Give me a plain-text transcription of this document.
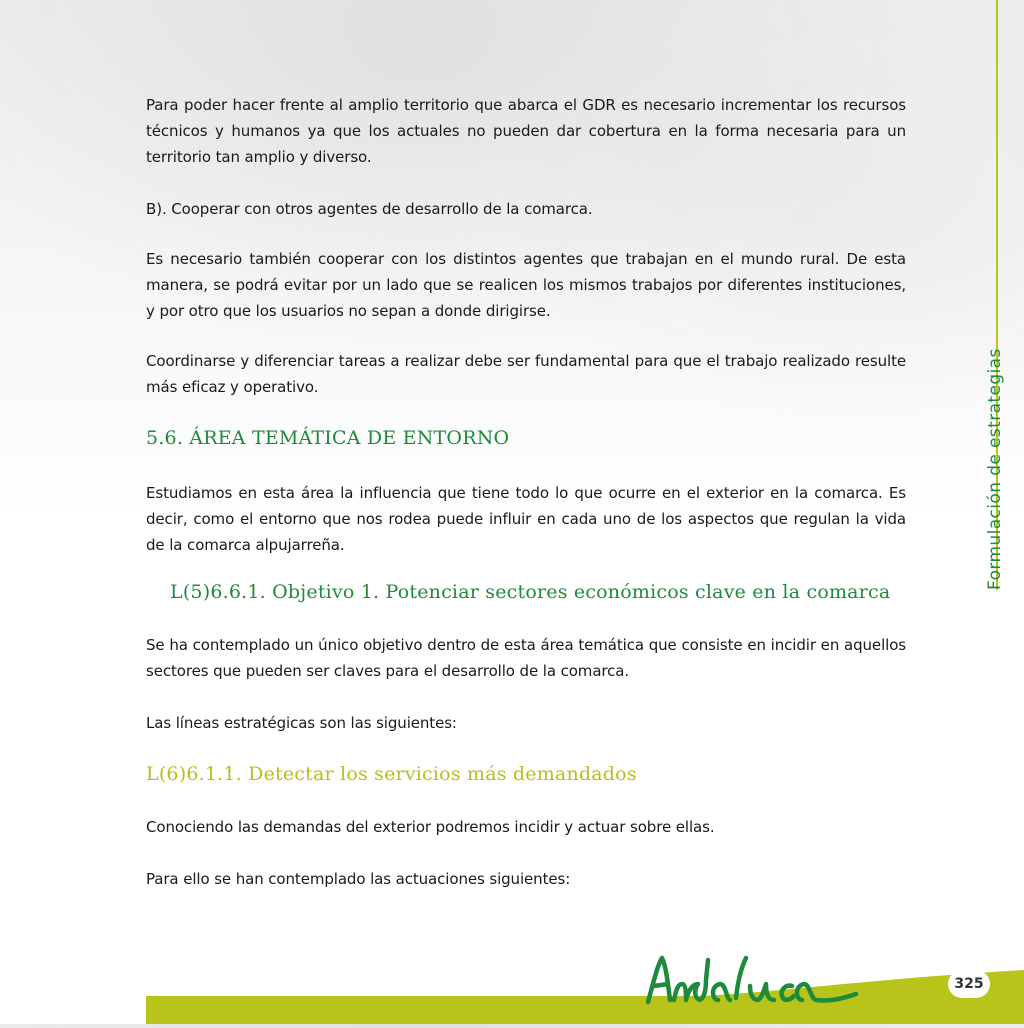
Para poder hacer frente al amplio territorio que abarca el GDR es necesario incrementar los recursos técnicos y humanos ya que los actuales no pueden dar cobertura en la forma necesaria para un territorio tan amplio y diverso.

B). Cooperar con otros agentes de desarrollo de la comarca.

Es necesario también cooperar con los distintos agentes que trabajan en el mundo rural. De esta manera, se podrá evitar por un lado que se realicen los mismos trabajos por diferentes instituciones, y por otro que los usuarios no sepan a donde dirigirse.

Coordinarse y diferenciar tareas a realizar debe ser fundamental para que el trabajo realizado resulte más eficaz y operativo.

5.6. ÁREA TEMÁTICA DE ENTORNO

Estudiamos en esta área la influencia que tiene todo lo que ocurre en el exterior en la comarca. Es decir, como el entorno que nos rodea puede influir en cada uno de los aspectos que regulan la vida de la comarca alpujarreña.

L(5)6.6.1. Objetivo 1. Potenciar sectores económicos clave en la comarca

Se ha contemplado un único objetivo dentro de esta área temática que consiste en incidir en aquellos sectores que pueden ser claves para el desarrollo de la comarca.

Las líneas estratégicas son las siguientes:

L(6)6.1.1. Detectar los servicios más demandados

Conociendo las demandas del exterior podremos incidir y actuar sobre ellas.

Para ello se han contemplado las actuaciones siguientes:

Formulación de estrategias
325
